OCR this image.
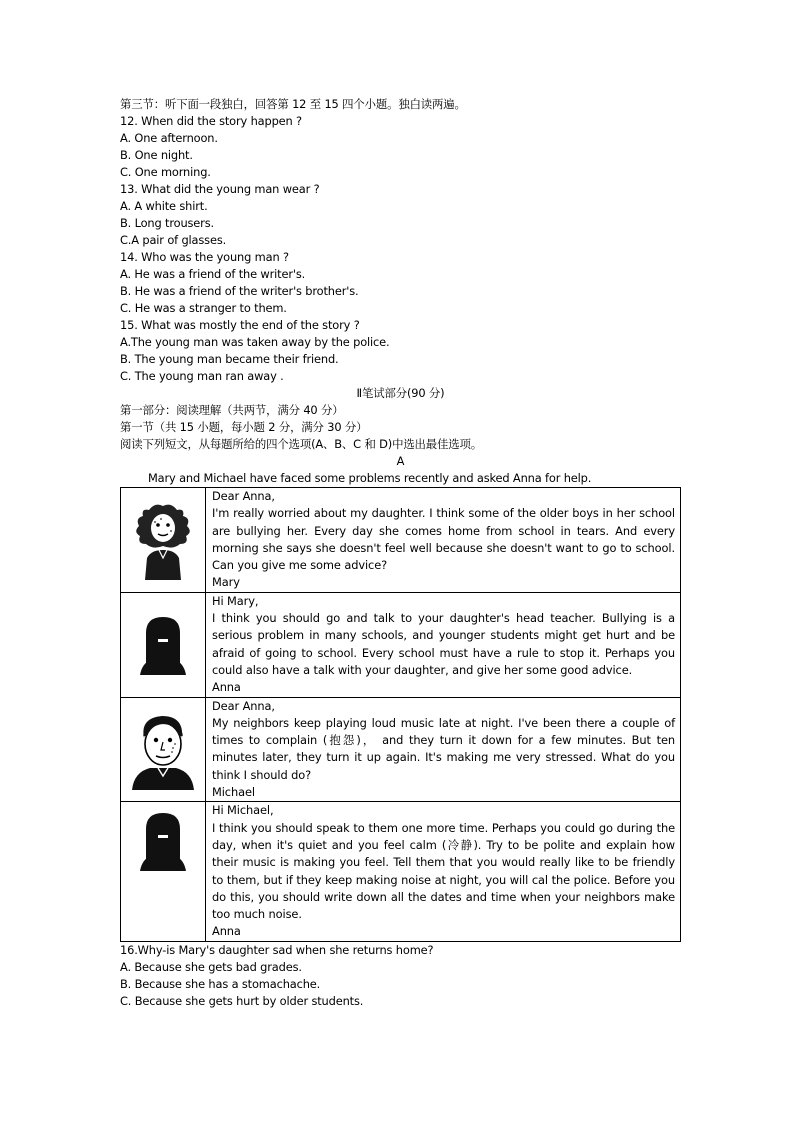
第三节：听下面一段独白，回答第 12 至 15 四个小题。独白读两遍。
12. When did the story happen ?
A. One afternoon.
B. One night.
C. One morning.
13. What did the young man wear ?
A. A white shirt.
B. Long trousers.
C.A pair of glasses.
14. Who was the young man ?
A. He was a friend of the writer's.
B. He was a friend of the writer's brother's.
C. He was a stranger to them.
15. What was mostly the end of the story ?
A.The young man was taken away by the police.
B. The young man became their friend.
C. The young man ran away .
Ⅱ笔试部分(90 分)
第一部分：阅读理解（共两节，满分 40 分）
第一节（共 15 小题，每小题 2 分，满分 30 分）
阅读下列短文，从每题所给的四个选项(A、B、C 和 D)中选出最佳选项。
A
Mary and Michael have faced some problems recently and asked Anna for help.

Dear Anna,

I'm really worried about my daughter. I think some of the older boys in her school are bullying her. Every day she comes home from school in tears. And every morning she says she doesn't feel well because she doesn't want to go to school. Can you give me some advice?

Mary

Hi Mary,

I think you should go and talk to your daughter's head teacher. Bullying is a serious problem in many schools, and younger students might get hurt and be afraid of going to school. Every school must have a rule to stop it. Perhaps you could also have a talk with your daughter, and give her some good advice.

Anna

Dear Anna,

My neighbors keep playing loud music late at night. I've been there a couple of times to complain (抱怨)， and they turn it down for a few minutes. But ten minutes later, they turn it up again. It's making me very stressed. What do you think I should do?

Michael

Hi Michael,

I think you should speak to them one more time. Perhaps you could go during the day, when it's quiet and you feel calm (冷静). Try to be polite and explain how their music is making you feel. Tell them that you would really like to be friendly to them, but if they keep making noise at night, you will cal the police. Before you do this, you should write down all the dates and time when your neighbors make too much noise.

Anna

16.Why-is Mary's daughter sad when she returns home?
A. Because she gets bad grades.
B. Because she has a stomachache.
C. Because she gets hurt by older students.
